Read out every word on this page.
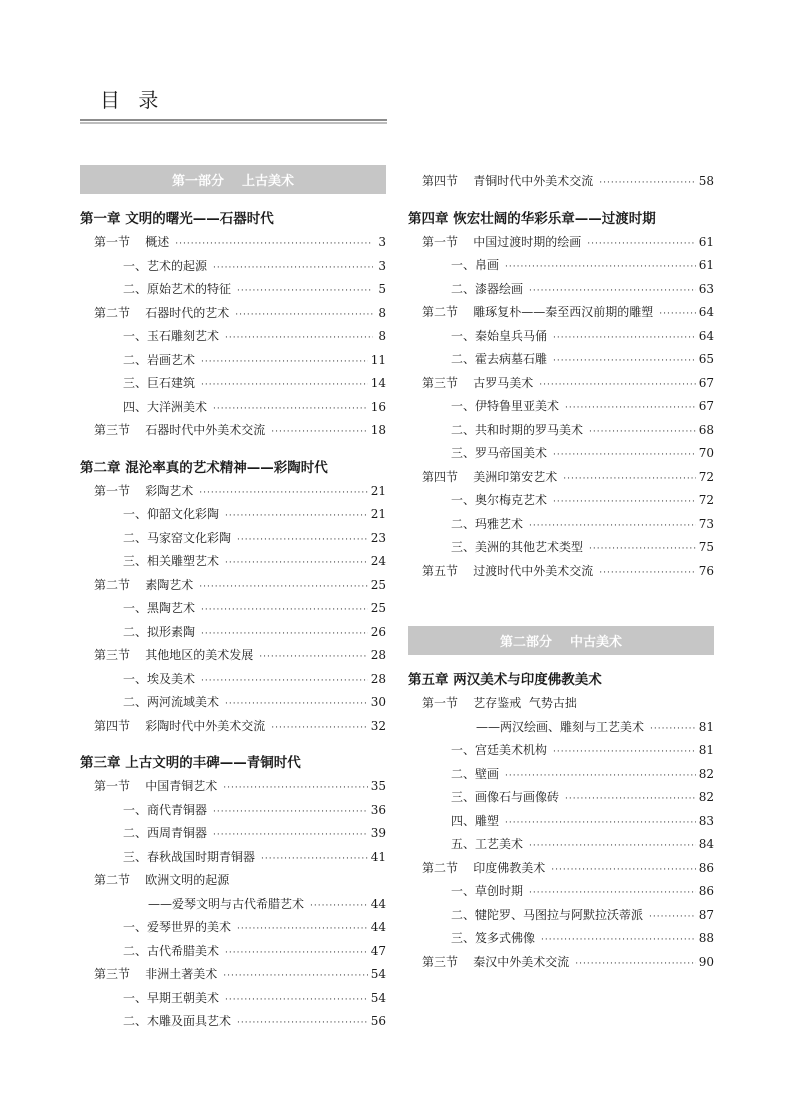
目 录
第一部分    上古美术
第一章 文明的曙光——石器时代
第一节    概述 ·····	3
一、艺术的起源 ·····	3
二、原始艺术的特征 ·····	5
第二节    石器时代的艺术 ·····	8
一、玉石雕刻艺术 ·····	8
二、岩画艺术 ·····	11
三、巨石建筑 ·····	14
四、大洋洲美术 ·····	16
第三节    石器时代中外美术交流 ·····	18
第二章 混沦率真的艺术精神——彩陶时代
第一节    彩陶艺术 ·····	21
一、仰韶文化彩陶 ·····	21
二、马家窑文化彩陶 ·····	23
三、相关雕塑艺术 ·····	24
第二节    素陶艺术 ·····	25
一、黑陶艺术 ·····	25
二、拟形素陶 ·····	26
第三节    其他地区的美术发展 ·····	28
一、埃及美术 ·····	28
二、两河流域美术 ·····	30
第四节    彩陶时代中外美术交流 ·····	32
第三章 上古文明的丰碑——青铜时代
第一节    中国青铜艺术 ·····	35
一、商代青铜器 ·····	36
二、西周青铜器 ·····	39
三、春秋战国时期青铜器 ·····	41
第二节    欧洲文明的起源
——爱琴文明与古代希腊艺术 ·····	44
一、爱琴世界的美术 ·····	44
二、古代希腊美术 ·····	47
第三节    非洲土著美术 ·····	54
一、早期王朝美术 ·····	54
二、木雕及面具艺术 ·····	56
第四节    青铜时代中外美术交流 ·····	58
第四章 恢宏壮阔的华彩乐章——过渡时期
第一节    中国过渡时期的绘画 ·····	61
一、帛画 ·····	61
二、漆器绘画 ·····	63
第二节    雕琢复朴——秦至西汉前期的雕塑 ·····	64
一、秦始皇兵马俑 ·····	64
二、霍去病墓石雕 ·····	65
第三节    古罗马美术 ·····	67
一、伊特鲁里亚美术 ·····	67
二、共和时期的罗马美术 ·····	68
三、罗马帝国美术 ·····	70
第四节    美洲印第安艺术 ·····	72
一、奥尔梅克艺术 ·····	72
二、玛雅艺术 ·····	73
三、美洲的其他艺术类型 ·····	75
第五节    过渡时代中外美术交流 ·····	76
第二部分    中古美术
第五章 两汉美术与印度佛教美术
第一节    艺存鉴戒  气势古拙
——两汉绘画、雕刻与工艺美术 ·····	81
一、宫廷美术机构 ·····	81
二、壁画 ·····	82
三、画像石与画像砖 ·····	82
四、雕塑 ·····	83
五、工艺美术 ·····	84
第二节    印度佛教美术 ·····	86
一、草创时期 ·····	86
二、犍陀罗、马图拉与阿默拉沃蒂派 ·····	87
三、笈多式佛像 ·····	88
第三节    秦汉中外美术交流 ·····	90
